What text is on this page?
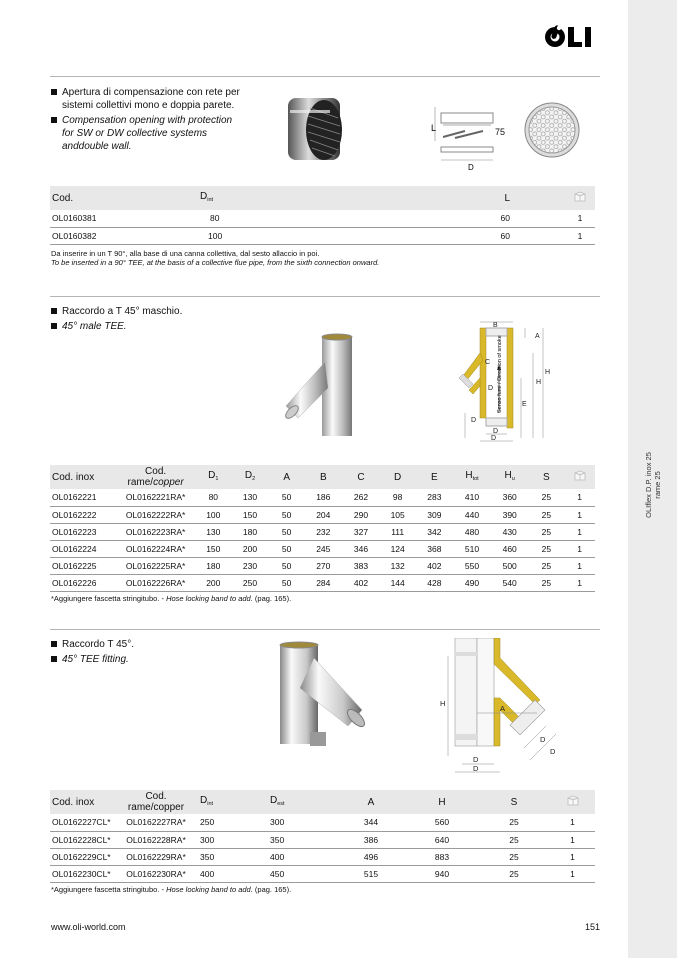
OLIflex D.P. inox 25 rame 25
Apertura di compensazione con rete per sistemi collettivi mono e doppia parete.
Compensation opening with protection for SW or DW collective systems anddouble wall.
L
D
75
Cod.	$D_{int}$	L		
OL0160381	80	60		1
OL0160382	100	60		1
Da inserire in un T 90°, alla base di una canna collettiva, dal sesto allaccio in poi.
To be inserted in a 90° TEE, at the basis of a collective flue pipe, from the sixth connection onward.
Raccordo a T 45° maschio.
45° male TEE.	B
A
C
D
H
H
E
D
D
D
Senso fumi / Direction of smoke
Cod. inox	Cod.
rame/copper	$D_1$	$D_2$	A	B	C	D	E	$H_{tot}$	$H_u$	S	
OL0162221	OL0162221RA*	80	130	50	186	262	98	283	410	360	25	1
OL0162222	OL0162222RA*	100	150	50	204	290	105	309	440	390	25	1
OL0162223	OL0162223RA*	130	180	50	232	327	111	342	480	430	25	1
OL0162224	OL0162224RA*	150	200	50	245	346	124	368	510	460	25	1
OL0162225	OL0162225RA*	180	230	50	270	383	132	402	550	500	25	1
OL0162226	OL0162226RA*	200	250	50	284	402	144	428	490	540	25	1
*Aggiungere fascetta stringitubo. - Hose locking band to add. (pag. 165).
Raccordo T 45°.
45° TEE fitting.
H
A
D
D
D
D
Cod. inox	Cod.
rame/copper	$D_{int}$	$D_{est}$	A	H	S	
OL0162227CL*	OL0162227RA*	250	300	344	560	25	1
OL0162228CL*	OL0162228RA*	300	350	386	640	25	1
OL0162229CL*	OL0162229RA*	350	400	496	883	25	1
OL0162230CL*	OL0162230RA*	400	450	515	940	25	1
*Aggiungere fascetta stringitubo. - Hose locking band to add. (pag. 165).
www.oli-world.com	151
